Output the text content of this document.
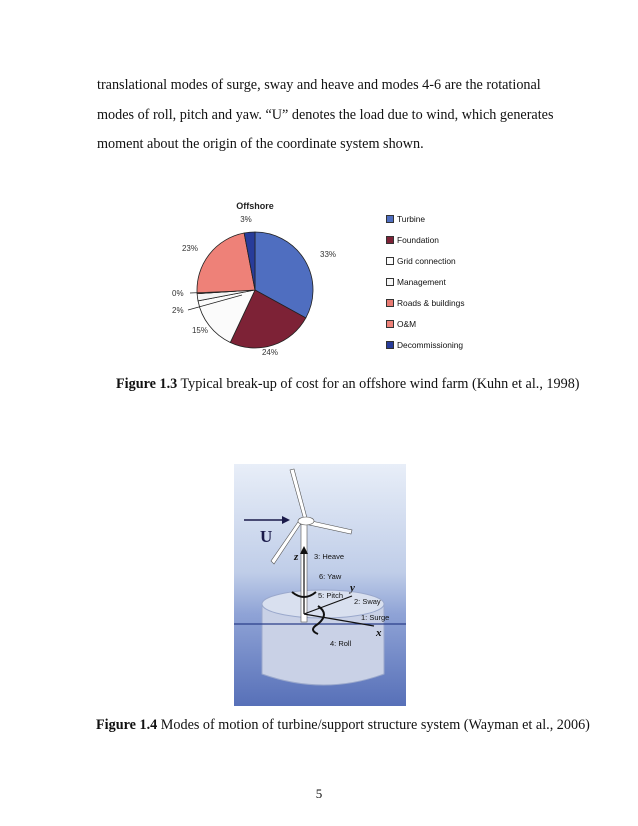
translational modes of surge, sway and heave and modes 4-6 are the rotational modes of roll, pitch and yaw. “U” denotes the load due to wind, which generates moment about the origin of the coordinate system shown.

Offshore
33%
24%
15%
2%
0%
23%
3%	Turbine
Foundation
Grid connection
Management
Roads & buildings
O&M
Decommissioning
Figure 1.3 Typical break-up of cost for an offshore wind farm (Kuhn et al., 1998)
U
z 3: Heave
6: Yaw
y
5: Pitch
2: Sway
1: Surge
x
4: Roll
Figure 1.4 Modes of motion of turbine/support structure system (Wayman et al., 2006)
5
